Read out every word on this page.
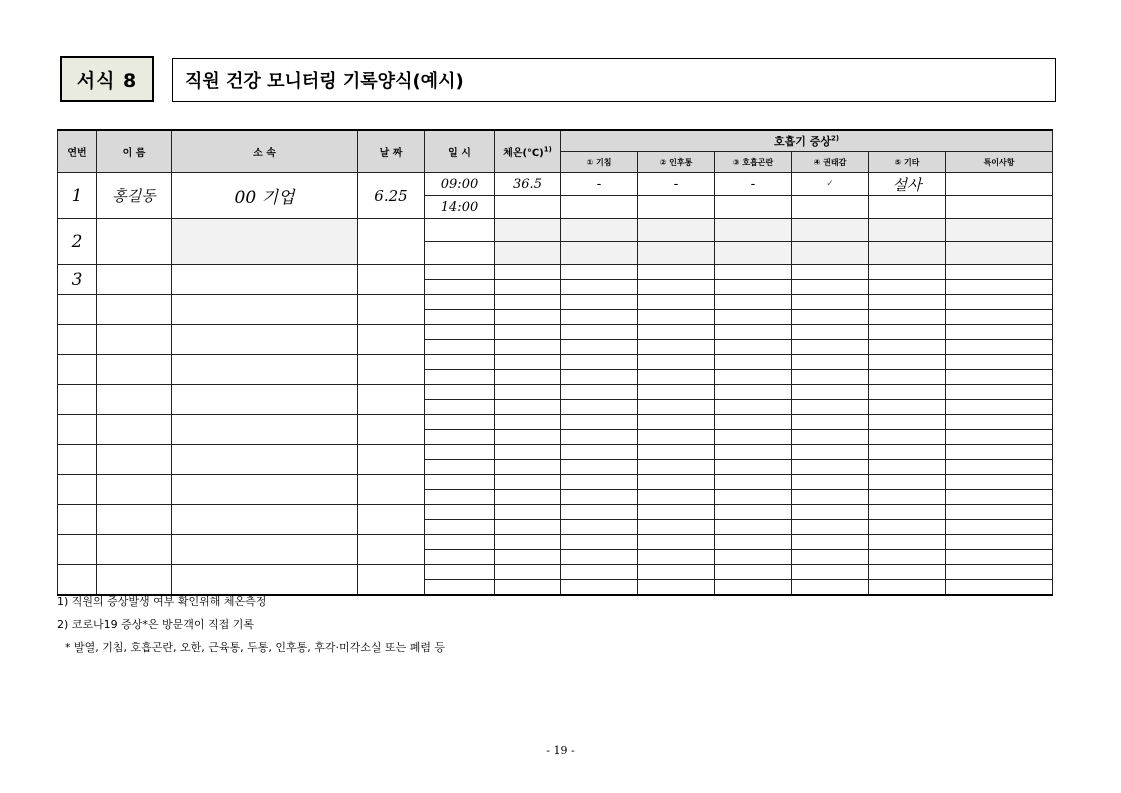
서식 8	직원 건강 모니터링 기록양식(예시)
연번	이 름	소 속	날 짜	일 시	체온(℃)$^{1)}$	호흡기 증상$^{2)}$
						① 기침	② 인후통	③ 호흡곤란	④ 권태감	⑤ 기타	특이사항
1	홍길동	00 기업	6.25	09:00	36.5	-	-	-	✓	설사	
				14:00							
2											

3											

1) 직원의 증상발생 여부 확인위해 체온측정
2) 코로나19 증상*은 방문객이 직접 기록
* 발열, 기침, 호흡곤란, 오한, 근육통, 두통, 인후통, 후각·미각소실 또는 폐렴 등
- 19 -
